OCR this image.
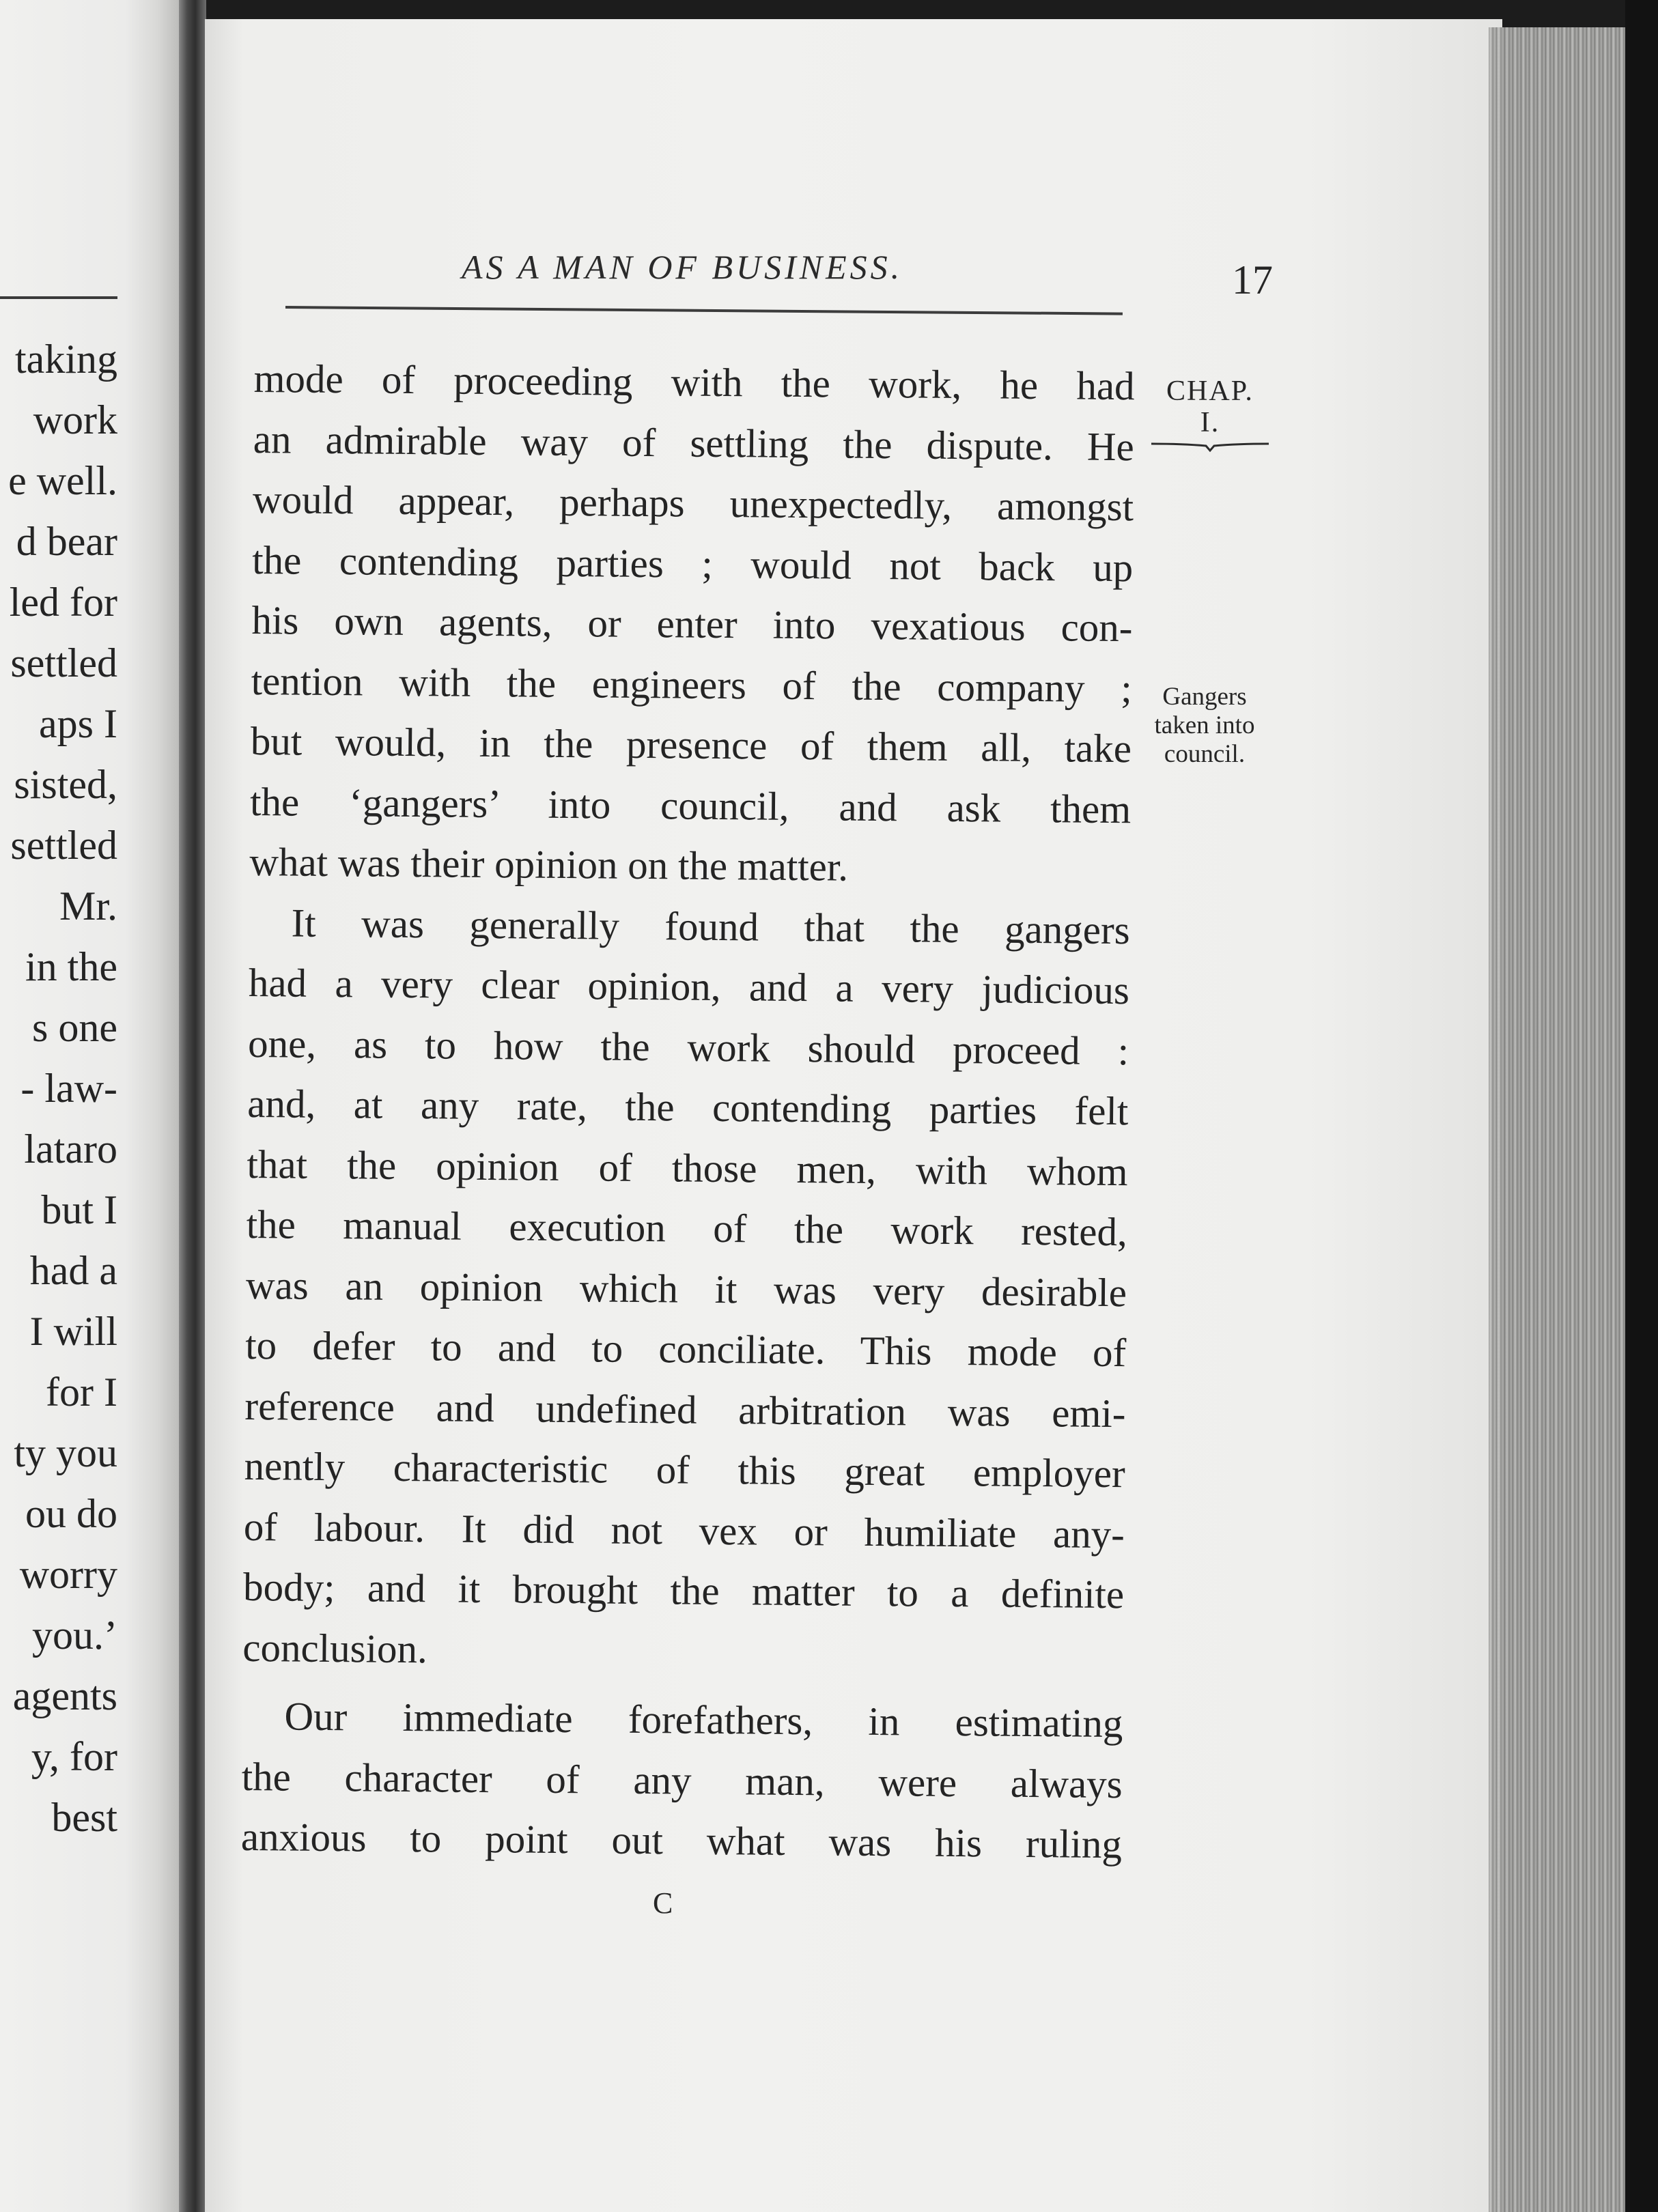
taking
work
e well.
d bear
led for
settled
aps I
sisted,
settled
Mr.
in the
s one
- law-
lataro
but I
had a
I will
for I
ty you
ou do
worry
you.’
agents
y, for
best
AS A MAN OF BUSINESS.	17
CHAP.
I.
Gangers
taken into
council.
mode of proceeding with the work, he had
an admirable way of settling the dispute. He
would appear, perhaps unexpectedly, amongst
the contending parties ; would not back up
his own agents, or enter into vexatious con-
tention with the engineers of the company ;
but would, in the presence of them all, take
the ‘gangers’ into council, and ask them
what was their opinion on the matter.
It was generally found that the gangers
had a very clear opinion, and a very judicious
one, as to how the work should proceed :
and, at any rate, the contending parties felt
that the opinion of those men, with whom
the manual execution of the work rested,
was an opinion which it was very desirable
to defer to and to conciliate. This mode of
reference and undefined arbitration was emi-
nently characteristic of this great employer
of labour. It did not vex or humiliate any-
body; and it brought the matter to a definite
conclusion.
Our immediate forefathers, in estimating
the character of any man, were always
anxious to point out what was his ruling
C
